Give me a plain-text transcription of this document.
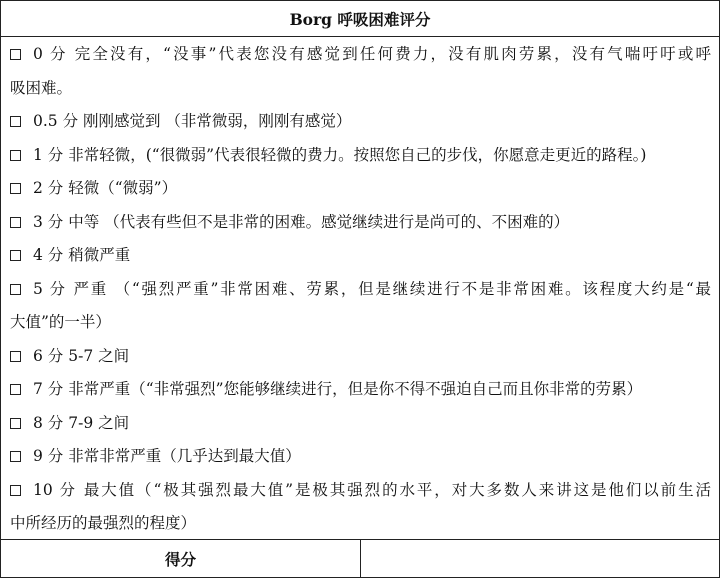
Borg 呼吸困难评分
0 分 完全没有，“没事”代表您没有感觉到任何费力，没有肌肉劳累，没有气喘吁吁或呼
吸困难。
0.5 分 刚刚感觉到 （非常微弱，刚刚有感觉）
1 分 非常轻微，(“很微弱”代表很轻微的费力。按照您自己的步伐，你愿意走更近的路程。)
2 分 轻微（“微弱”）
3 分 中等 （代表有些但不是非常的困难。感觉继续进行是尚可的、不困难的）
4 分 稍微严重
5 分 严重 （“强烈严重”非常困难、劳累，但是继续进行不是非常困难。该程度大约是“最
大值”的一半）
6 分 5-7 之间
7 分 非常严重（“非常强烈”您能够继续进行，但是你不得不强迫自己而且你非常的劳累）
8 分 7-9 之间
9 分 非常非常严重（几乎达到最大值）
10 分 最大值（“极其强烈最大值”是极其强烈的水平，对大多数人来讲这是他们以前生活
中所经历的最强烈的程度）
得分
